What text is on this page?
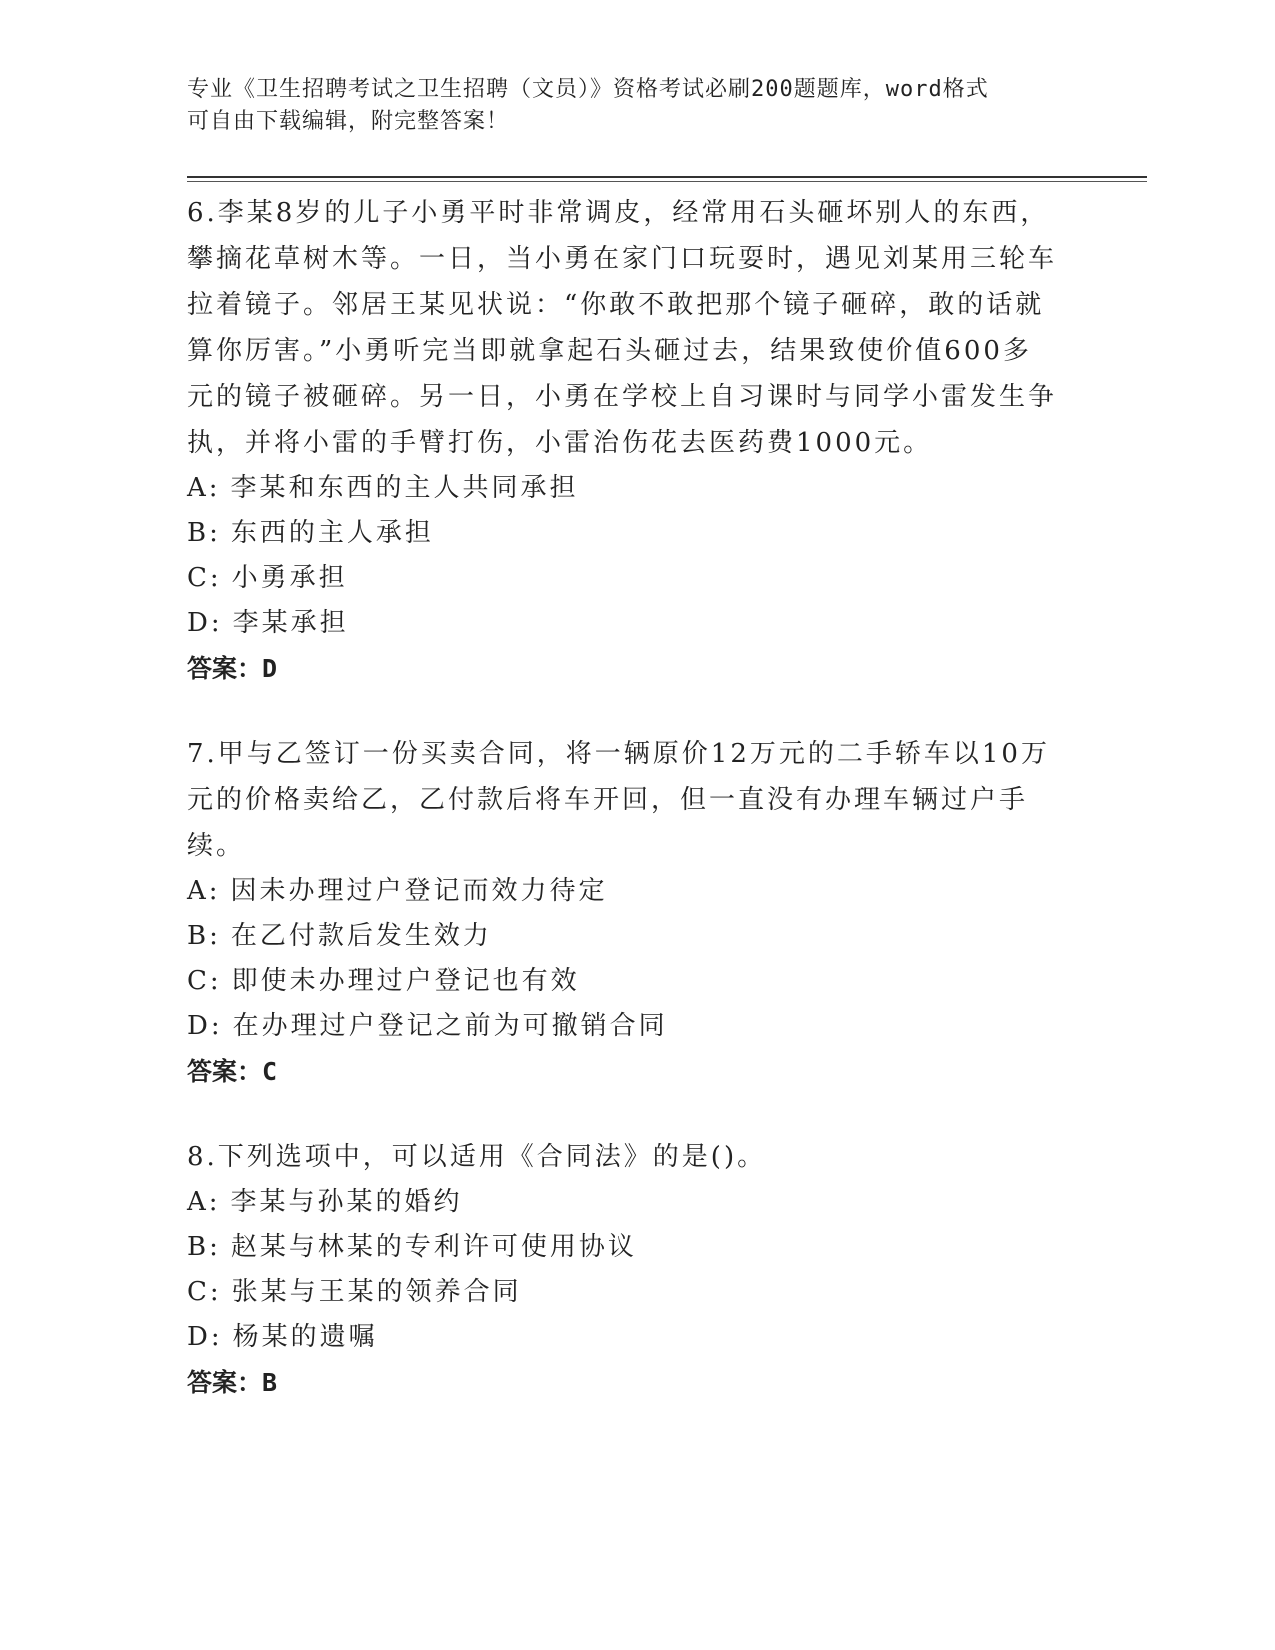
专业《卫生招聘考试之卫生招聘（文员）》资格考试必刷200题题库，word格式
可自由下载编辑，附完整答案！

6.李某8岁的儿子小勇平时非常调皮，经常用石头砸坏别人的东西，攀摘花草树木等。一日，当小勇在家门口玩耍时，遇见刘某用三轮车拉着镜子。邻居王某见状说：“你敢不敢把那个镜子砸碎，敢的话就算你厉害。”小勇听完当即就拿起石头砸过去，结果致使价值600多元的镜子被砸碎。另一日，小勇在学校上自习课时与同学小雷发生争执，并将小雷的手臂打伤，小雷治伤花去医药费1000元。

A: 李某和东西的主人共同承担

B: 东西的主人承担

C: 小勇承担

D: 李某承担

答案：D

7.甲与乙签订一份买卖合同，将一辆原价12万元的二手轿车以10万元的价格卖给乙，乙付款后将车开回，但一直没有办理车辆过户手续。

A: 因未办理过户登记而效力待定

B: 在乙付款后发生效力

C: 即使未办理过户登记也有效

D: 在办理过户登记之前为可撤销合同

答案：C

8.下列选项中，可以适用《合同法》的是()。

A: 李某与孙某的婚约

B: 赵某与林某的专利许可使用协议

C: 张某与王某的领养合同

D: 杨某的遗嘱

答案：B
